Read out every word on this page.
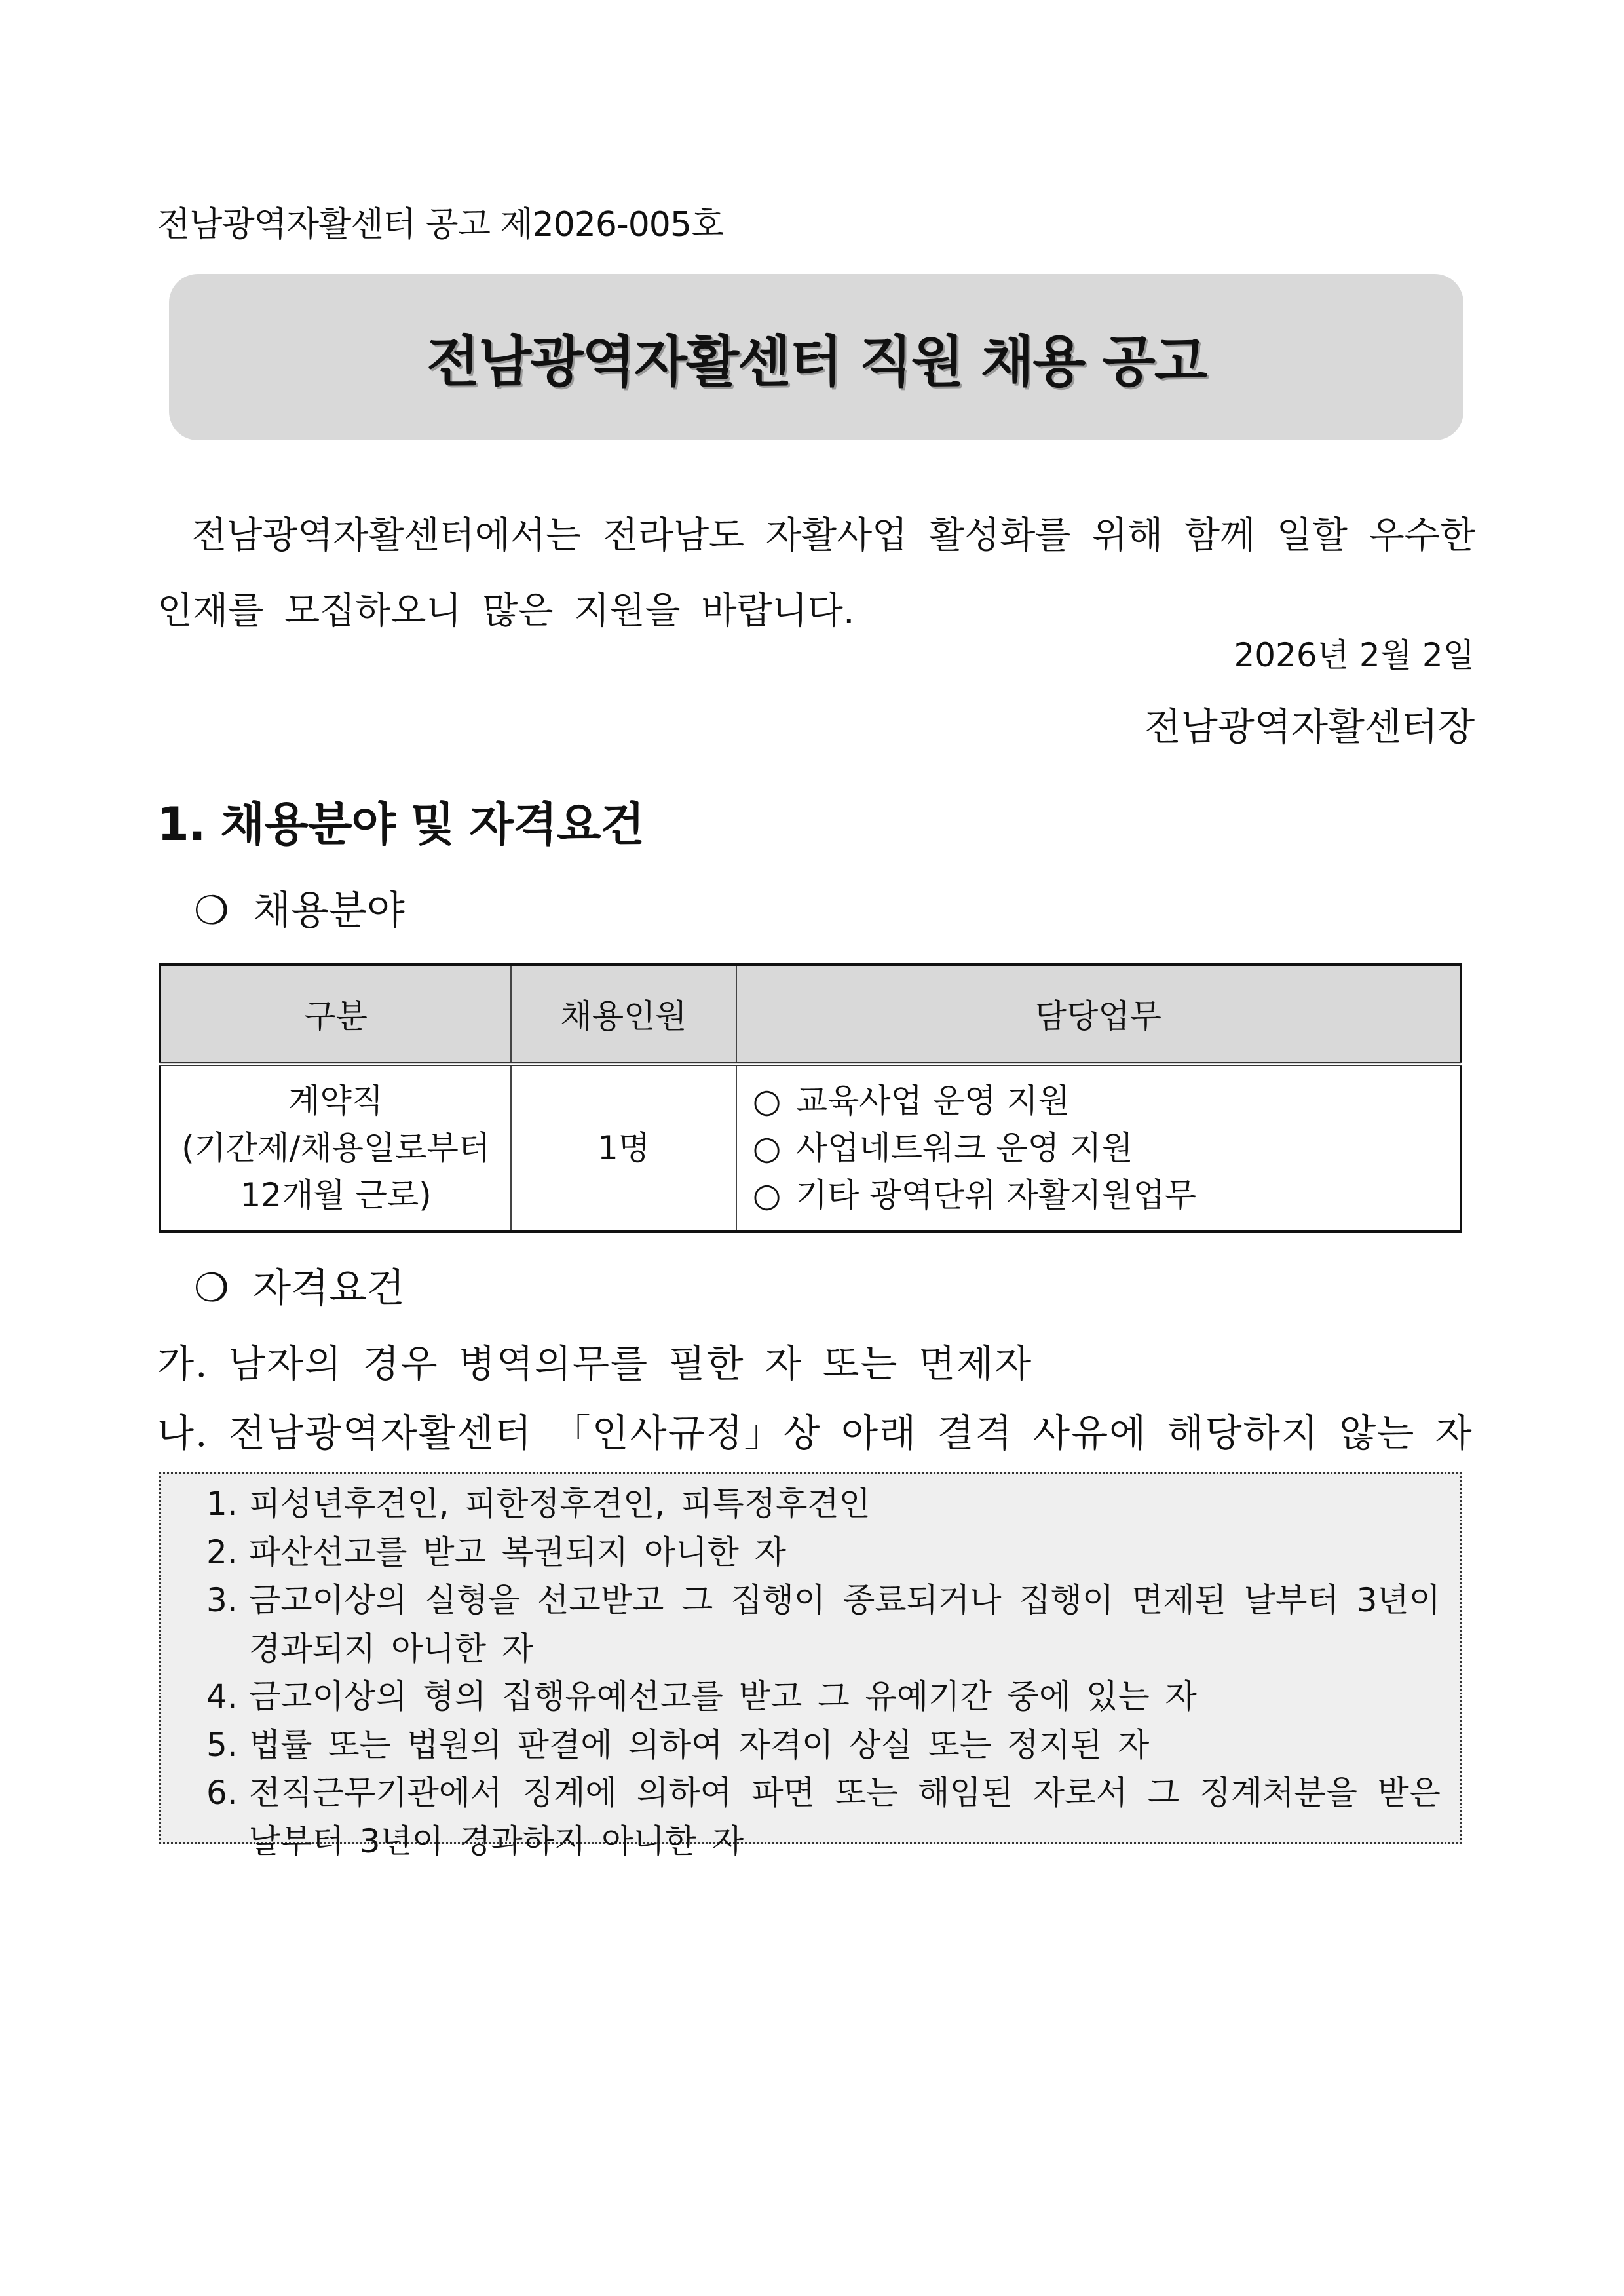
전남광역자활센터 공고 제2026-005호
전남광역자활센터 직원 채용 공고

전남광역자활센터에서는 전라남도 자활사업 활성화를 위해 함께 일할 우수한 인재를 모집하오니 많은 지원을 바랍니다.

2026년 2월 2일
전남광역자활센터장
1. 채용분야 및 자격요건
❍ 채용분야
구분	채용인원	담당업무

계약직
(기간제/채용일로부터
12개월 근로)	1명	○ 교육사업 운영 지원
○ 사업네트워크 운영 지원
○ 기타 광역단위 자활지원업무
❍ 자격요건
가. 남자의 경우 병역의무를 필한 자 또는 면제자
나. 전남광역자활센터 「인사규정」상 아래 결격 사유에 해당하지 않는 자
1. 피성년후견인, 피한정후견인, 피특정후견인
2. 파산선고를 받고 복권되지 아니한 자
3. 금고이상의 실형을 선고받고 그 집행이 종료되거나 집행이 면제된 날부터 3년이 경과되지 아니한 자
4. 금고이상의 형의 집행유예선고를 받고 그 유예기간 중에 있는 자
5. 법률 또는 법원의 판결에 의하여 자격이 상실 또는 정지된 자
6. 전직근무기관에서 징계에 의하여 파면 또는 해임된 자로서 그 징계처분을 받은 날부터 3년이 경과하지 아니한 자
